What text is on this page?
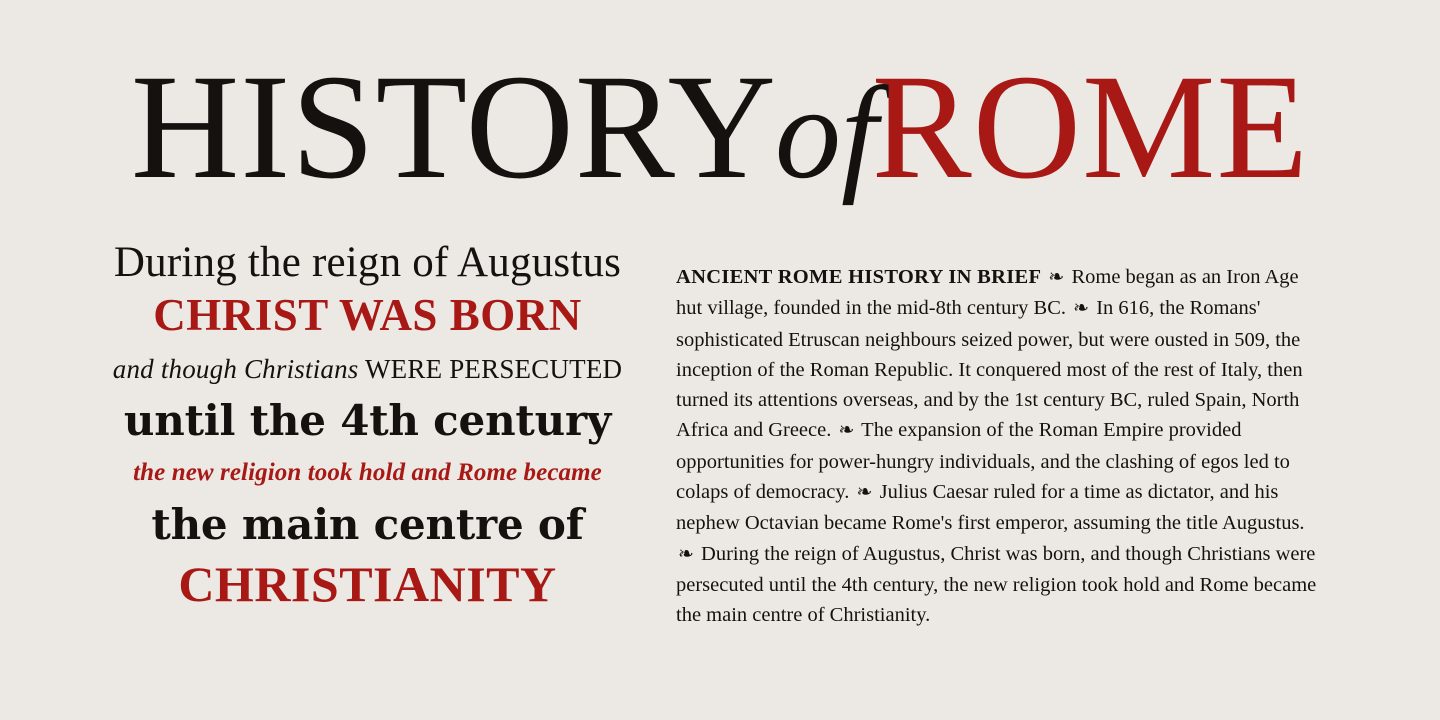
HISTORYofROME
During the reign of Augustus
CHRIST WAS BORN
and though Christians WERE PERSECUTED
until the 4th century
the new religion took hold and Rome became
the main centre of
CHRISTIANITY
ANCIENT ROME HISTORY IN BRIEF ❧ Rome began as an Iron Age hut village, founded in the mid-8th century BC. ❧ In 616, the Romans' sophisticated Etruscan neighbours seized power, but were ousted in 509, the inception of the Roman Republic. It conquered most of the rest of Italy, then turned its attentions overseas, and by the 1st century BC, ruled Spain, North Africa and Greece. ❧ The expansion of the Roman Empire provided opportunities for power-hungry individuals, and the clashing of egos led to colaps of democracy. ❧ Julius Caesar ruled for a time as dictator, and his nephew Octavian became Rome's first emperor, assuming the title Augustus. ❧ During the reign of Augustus, Christ was born, and though Christians were persecuted until the 4th century, the new religion took hold and Rome became the main centre of Christianity.
